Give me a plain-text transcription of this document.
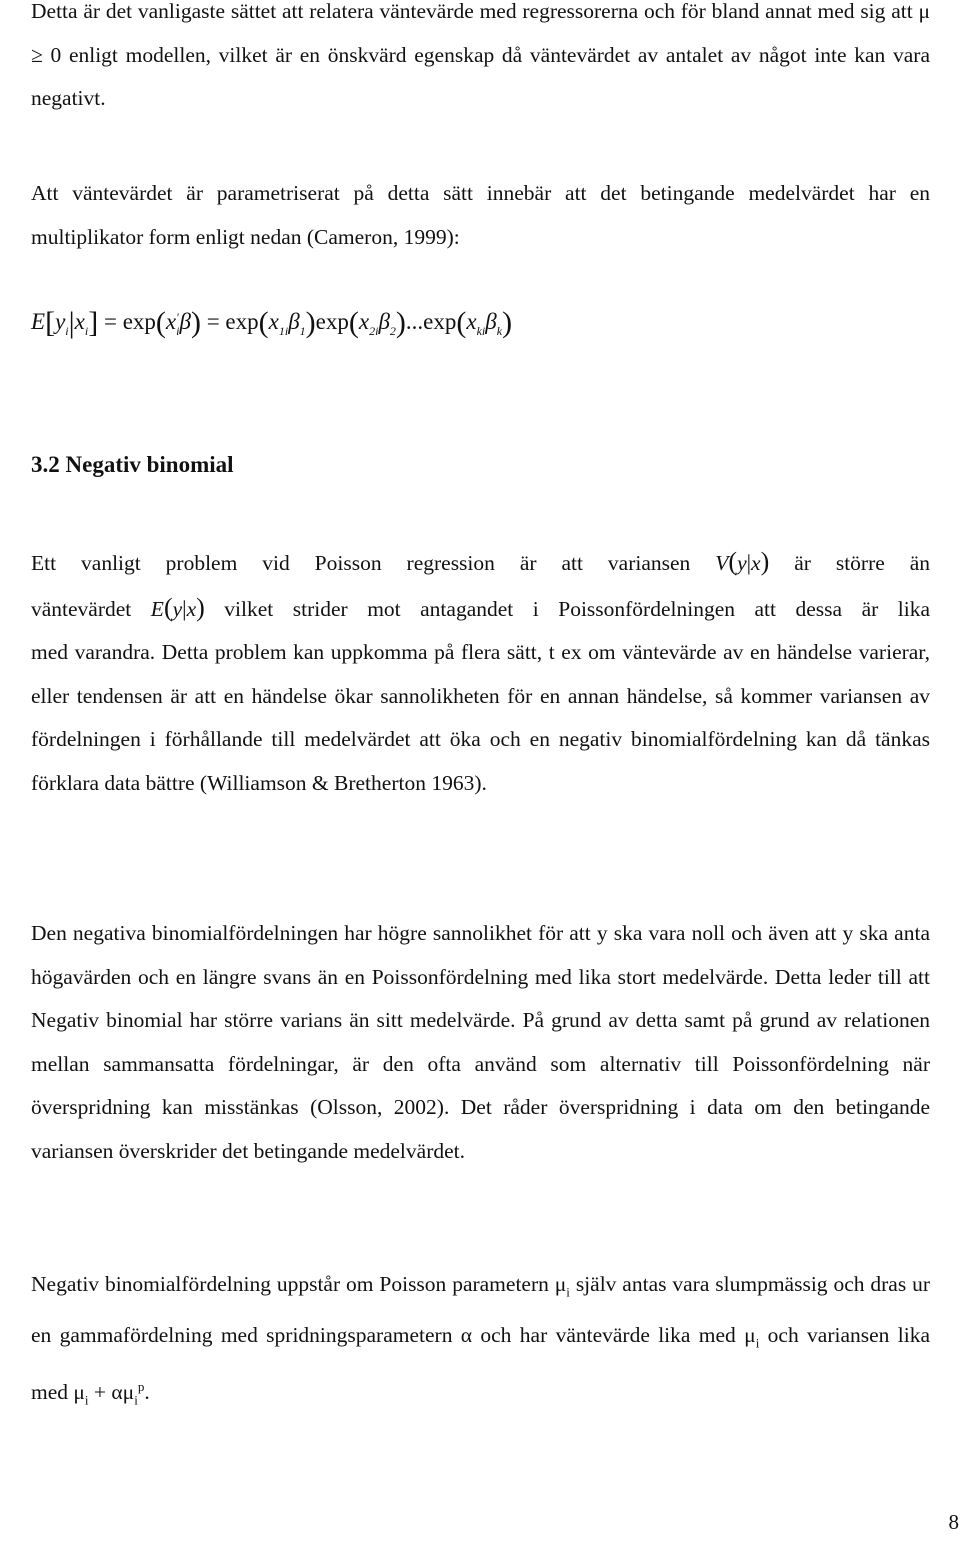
Detta är det vanligaste sättet att relatera väntevärde med regressorerna och för bland annat med sig att μ ≥ 0 enligt modellen, vilket är en önskvärd egenskap då väntevärdet av antalet av något inte kan vara negativt.

Att väntevärdet är parametriserat på detta sätt innebär att det betingande medelvärdet har en multiplikator form enligt nedan (Cameron, 1999):

$E[y_i|x_i] = \exp(x$ $_{' i}\beta) = \exp(x_{1i}\beta_1)\exp(x_{2i}\beta_2)...\exp(x_{ki}\beta_k)$
3.2 Negativ binomial

Ett vanligt problem vid Poisson regression är att variansen V(y|x) är större än
väntevärdet E(y|x) vilket strider mot antagandet i Poissonfördelningen att dessa är lika
med varandra. Detta problem kan uppkomma på flera sätt, t ex om väntevärde av en händelse varierar, eller tendensen är att en händelse ökar sannolikheten för en annan händelse, så kommer variansen av fördelningen i förhållande till medelvärdet att öka och en negativ binomialfördelning kan då tänkas förklara data bättre (Williamson & Bretherton 1963).

Den negativa binomialfördelningen har högre sannolikhet för att y ska vara noll och även att y ska anta högavärden och en längre svans än en Poissonfördelning med lika stort medelvärde. Detta leder till att Negativ binomial har större varians än sitt medelvärde. På grund av detta samt på grund av relationen mellan sammansatta fördelningar, är den ofta använd som alternativ till Poissonfördelning när överspridning kan misstänkas (Olsson, 2002). Det råder överspridning i data om den betingande variansen överskrider det betingande medelvärdet.

Negativ binomialfördelning uppstår om Poisson parametern $\mu_i$ själv antas vara slumpmässig och dras ur en gammafördelning med spridningsparametern α och har väntevärde lika med $\mu_i$ och variansen lika med $\mu_i + \alpha\mu_i^p$.

8
